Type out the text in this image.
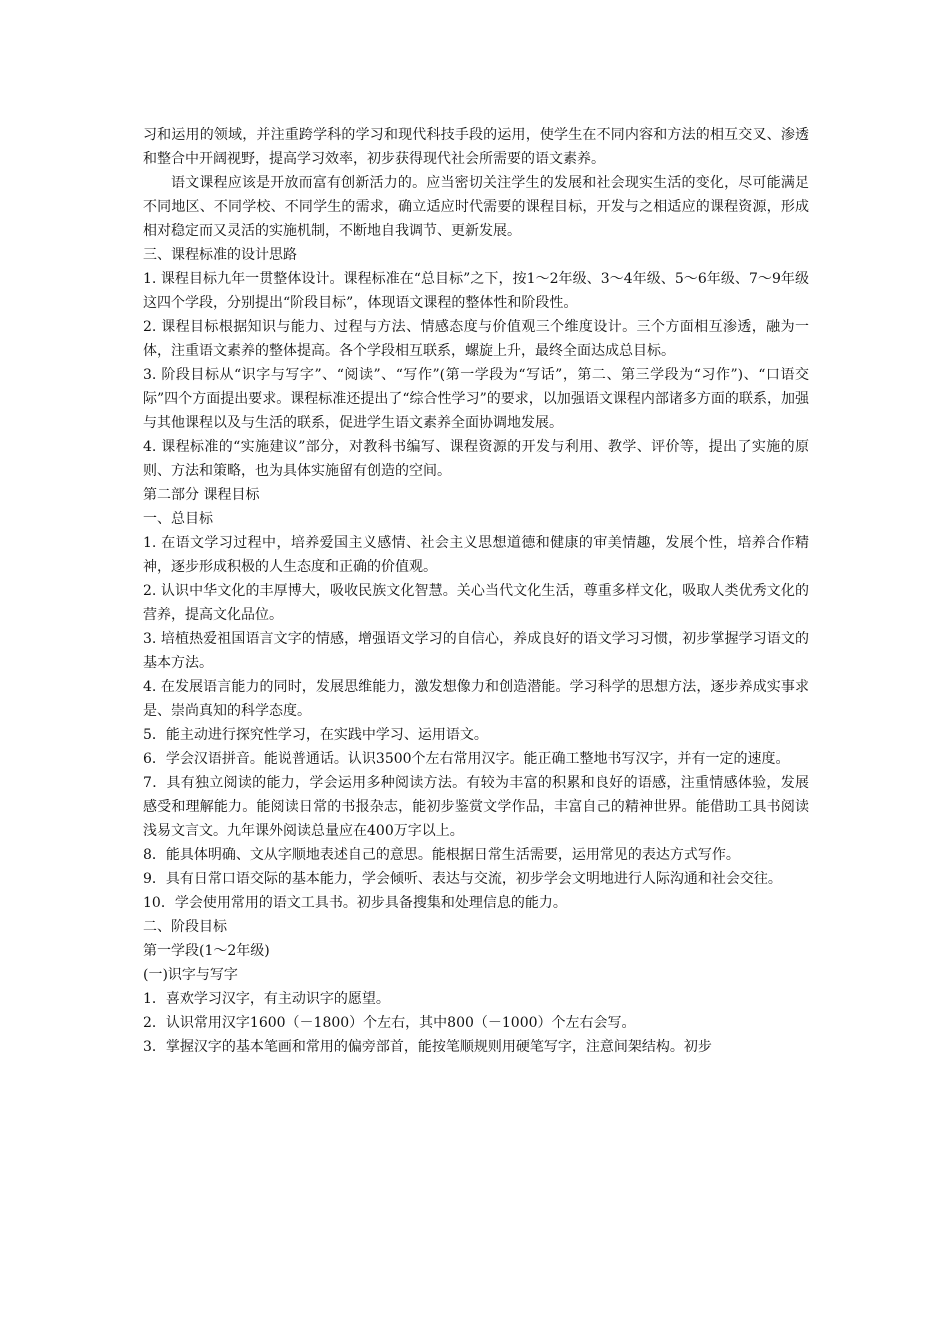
习和运用的领域，并注重跨学科的学习和现代科技手段的运用，使学生在不同内容和方法的相互交叉、渗透和整合中开阔视野，提高学习效率，初步获得现代社会所需要的语文素养。

语文课程应该是开放而富有创新活力的。应当密切关注学生的发展和社会现实生活的变化，尽可能满足不同地区、不同学校、不同学生的需求，确立适应时代需要的课程目标，开发与之相适应的课程资源，形成相对稳定而又灵活的实施机制，不断地自我调节、更新发展。

三、课程标准的设计思路

1. 课程目标九年一贯整体设计。课程标准在“总目标”之下，按1～2年级、3～4年级、5～6年级、7～9年级这四个学段，分别提出“阶段目标”，体现语文课程的整体性和阶段性。

2. 课程目标根据知识与能力、过程与方法、情感态度与价值观三个维度设计。三个方面相互渗透，融为一体，注重语文素养的整体提高。各个学段相互联系，螺旋上升，最终全面达成总目标。

3. 阶段目标从“识字与写字”、“阅读”、“写作”(第一学段为“写话”，第二、第三学段为“习作”)、“口语交际”四个方面提出要求。课程标准还提出了“综合性学习”的要求，以加强语文课程内部诸多方面的联系，加强与其他课程以及与生活的联系，促进学生语文素养全面协调地发展。

4. 课程标准的“实施建议”部分，对教科书编写、课程资源的开发与利用、教学、评价等，提出了实施的原则、方法和策略，也为具体实施留有创造的空间。

第二部分 课程目标

一、总目标

1. 在语文学习过程中，培养爱国主义感情、社会主义思想道德和健康的审美情趣，发展个性，培养合作精神，逐步形成积极的人生态度和正确的价值观。

2. 认识中华文化的丰厚博大，吸收民族文化智慧。关心当代文化生活，尊重多样文化，吸取人类优秀文化的营养，提高文化品位。

3. 培植热爱祖国语言文字的情感，增强语文学习的自信心，养成良好的语文学习习惯，初步掌握学习语文的基本方法。

4. 在发展语言能力的同时，发展思维能力，激发想像力和创造潜能。学习科学的思想方法，逐步养成实事求是、崇尚真知的科学态度。

5．能主动进行探究性学习，在实践中学习、运用语文。

6．学会汉语拼音。能说普通话。认识3500个左右常用汉字。能正确工整地书写汉字，并有一定的速度。

7．具有独立阅读的能力，学会运用多种阅读方法。有较为丰富的积累和良好的语感，注重情感体验，发展感受和理解能力。能阅读日常的书报杂志，能初步鉴赏文学作品，丰富自己的精神世界。能借助工具书阅读浅易文言文。九年课外阅读总量应在400万字以上。

8．能具体明确、文从字顺地表述自己的意思。能根据日常生活需要，运用常见的表达方式写作。

9．具有日常口语交际的基本能力，学会倾听、表达与交流，初步学会文明地进行人际沟通和社会交往。

10．学会使用常用的语文工具书。初步具备搜集和处理信息的能力。

二、阶段目标

第一学段(1～2年级)

(一)识字与写字

1．喜欢学习汉字，有主动识字的愿望。

2．认识常用汉字1600（－1800）个左右，其中800（－1000）个左右会写。

3．掌握汉字的基本笔画和常用的偏旁部首，能按笔顺规则用硬笔写字，注意间架结构。初步
